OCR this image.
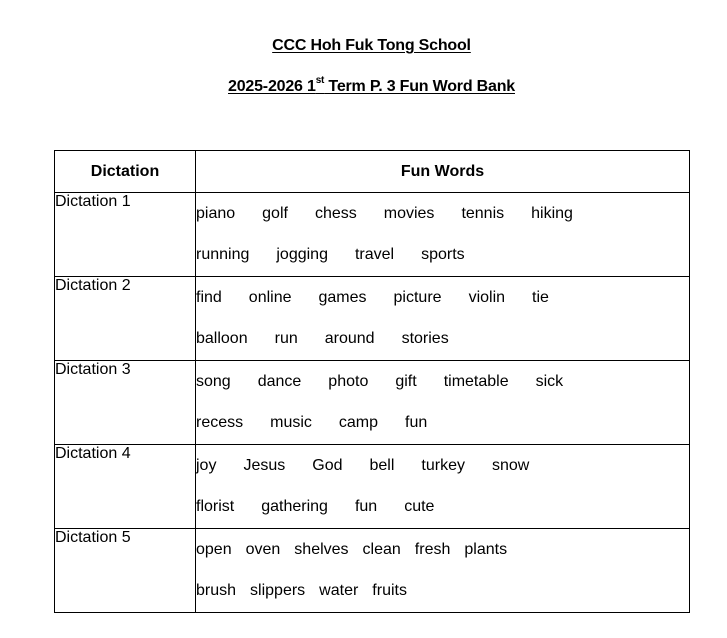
CCC Hoh Fuk Tong School
2025-2026 1st Term P. 3 Fun Word Bank
Dictation	Fun Words
Dictation 1	piano golf chess movies tennis hiking
running jogging travel sports

Dictation 2	find online games picture violin tie
balloon run around stories

Dictation 3	song dance photo gift timetable sick
recess music camp fun

Dictation 4	joy Jesus God bell turkey snow
florist gathering fun cute

Dictation 5	open oven shelves clean fresh plants
brush slippers water fruits
